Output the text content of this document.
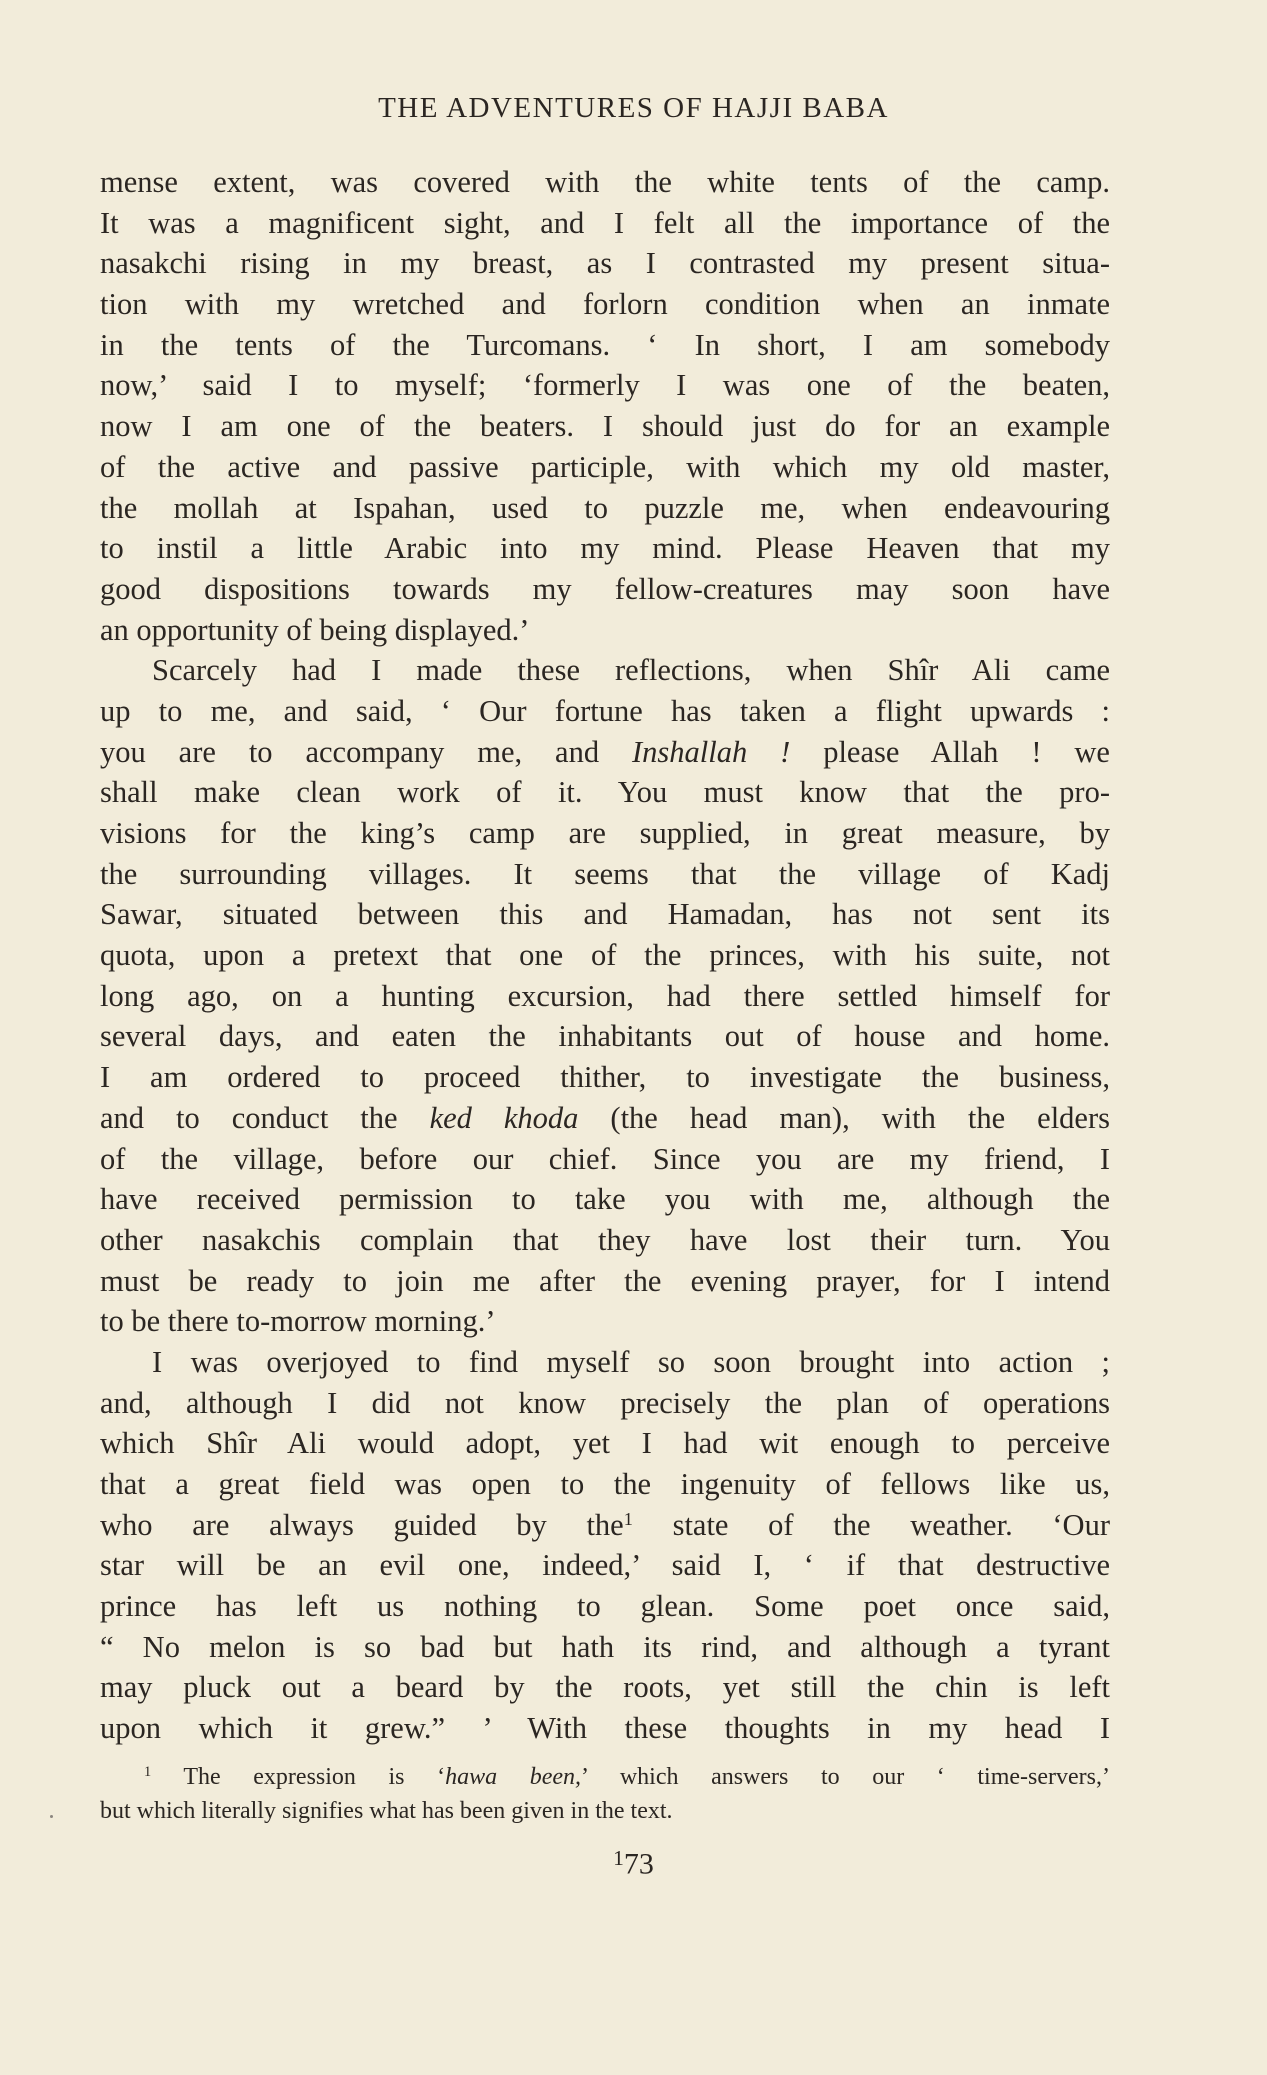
THE ADVENTURES OF HAJJI BABA
mense extent, was covered with the white tents of the camp.
It was a magnificent sight, and I felt all the importance of the
nasakchi rising in my breast, as I contrasted my present situa-
tion with my wretched and forlorn condition when an inmate
in the tents of the Turcomans. ‘ In short, I am somebody
now,’ said I to myself; ‘formerly I was one of the beaten,
now I am one of the beaters. I should just do for an example
of the active and passive participle, with which my old master,
the mollah at Ispahan, used to puzzle me, when endeavouring
to instil a little Arabic into my mind. Please Heaven that my
good dispositions towards my fellow-creatures may soon have
an opportunity of being displayed.’
Scarcely had I made these reflections, when Shîr Ali came
up to me, and said, ‘ Our fortune has taken a flight upwards :
you are to accompany me, and Inshallah ! please Allah ! we
shall make clean work of it. You must know that the pro-
visions for the king’s camp are supplied, in great measure, by
the surrounding villages. It seems that the village of Kadj
Sawar, situated between this and Hamadan, has not sent its
quota, upon a pretext that one of the princes, with his suite, not
long ago, on a hunting excursion, had there settled himself for
several days, and eaten the inhabitants out of house and home.
I am ordered to proceed thither, to investigate the business,
and to conduct the ked khoda (the head man), with the elders
of the village, before our chief. Since you are my friend, I
have received permission to take you with me, although the
other nasakchis complain that they have lost their turn. You
must be ready to join me after the evening prayer, for I intend
to be there to-morrow morning.’
I was overjoyed to find myself so soon brought into action ;
and, although I did not know precisely the plan of operations
which Shîr Ali would adopt, yet I had wit enough to perceive
that a great field was open to the ingenuity of fellows like us,
who are always guided by the$^1$ state of the weather. ‘Our
star will be an evil one, indeed,’ said I, ‘ if that destructive
prince has left us nothing to glean. Some poet once said,
“ No melon is so bad but hath its rind, and although a tyrant
may pluck out a beard by the roots, yet still the chin is left
upon which it grew.” ’ With these thoughts in my head I
$^1$ The expression is ‘hawa been,’ which answers to our ‘ time-servers,’
but which literally signifies what has been given in the text.
$^1$73
